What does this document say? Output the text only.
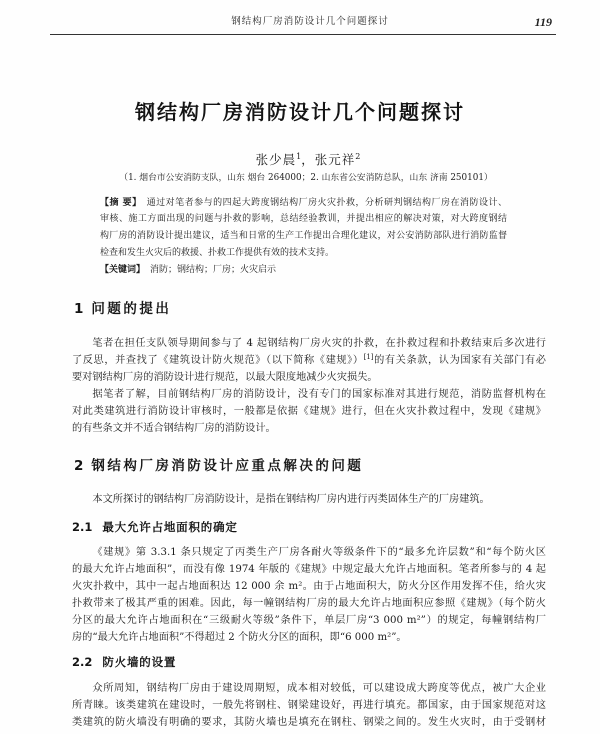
钢结构厂房消防设计几个问题探讨	119
钢结构厂房消防设计几个问题探讨
张少晨$^1$，张元祥$^2$
（1. 烟台市公安消防支队，山东 烟台 264000；2. 山东省公安消防总队，山东 济南 250101）
【摘 要】 通过对笔者参与的四起大跨度钢结构厂房火灾扑救，分析研判钢结构厂房在消防设计、
审核、施工方面出现的问题与扑救的影响，总结经验教训，并提出相应的解决对策，对大跨度钢结
构厂房的消防设计提出建议，适当和日常的生产工作提出合理化建议，对公安消防部队进行消防监督
检查和发生火灾后的救援、扑救工作提供有效的技术支持。
【关键词】 消防；钢结构；厂房；火灾启示
1 问题的提出
笔者在担任支队领导期间参与了 4 起钢结构厂房火灾的扑救，在扑救过程和扑救结束后多次进行
了反思，并查找了《建筑设计防火规范》（以下简称《建规》）[1]的有关条款，认为国家有关部门有必
要对钢结构厂房的消防设计进行规范，以最大限度地减少火灾损失。
据笔者了解，目前钢结构厂房的消防设计，没有专门的国家标准对其进行规范，消防监督机构在
对此类建筑进行消防设计审核时，一般都是依据《建规》进行，但在火灾扑救过程中，发现《建规》
的有些条文并不适合钢结构厂房的消防设计。
2 钢结构厂房消防设计应重点解决的问题
本文所探讨的钢结构厂房消防设计，是指在钢结构厂房内进行丙类固体生产的厂房建筑。
2.1 最大允许占地面积的确定
《建规》第 3.3.1 条只规定了丙类生产厂房各耐火等级条件下的“最多允许层数”和“每个防火区
的最大允许占地面积”，而没有像 1974 年版的《建规》中规定最大允许占地面积。笔者所参与的 4 起
火灾扑救中，其中一起占地面积达 12 000 余 m²。由于占地面积大，防火分区作用发挥不佳，给火灾
扑救带来了极其严重的困难。因此，每一幢钢结构厂房的最大允许占地面积应参照《建规》（每个防火
分区的最大允许占地面积在“三级耐火等级”条件下，单层厂房“3 000 m²”）的规定，每幢钢结构厂
房的“最大允许占地面积”不得超过 2 个防火分区的面积，即“6 000 m²”。
2.2 防火墙的设置
众所周知，钢结构厂房由于建设周期短，成本相对较低，可以建设成大跨度等优点，被广大企业
所青睐。该类建筑在建设时，一般先将钢柱、钢梁建设好，再进行填充。都国家，由于国家规范对这
类建筑的防火墙没有明确的要求，其防火墙也是填充在钢柱、钢梁之间的。发生火灾时，由于受钢材
